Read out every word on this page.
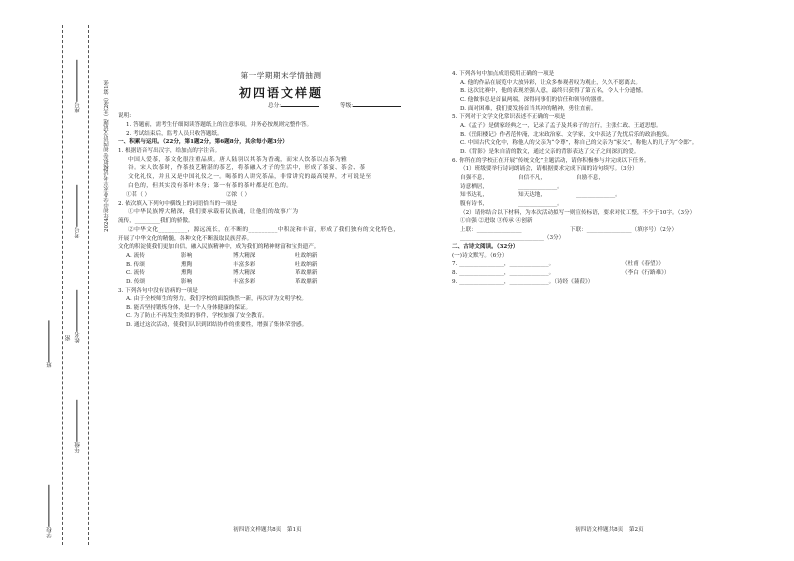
2024年初中学业水平考试模拟卷 初四语文试题（共2张）第1张
座号
考号
姓名
班
年级
学校
密
第一学期期末学情抽测
初四语文样题
总分:	等级:

说明:

1. 答题前，需考生仔细阅读答题纸上的注意事项，并务必按规则完整作答。

2. 考试结束后，监考人员只收答题纸。

一、积累与运用。（22分，第1题2分，第6题8分，其余每小题3分）

1. 根据语音写出汉字，给加点的字注音。

中国人爱茶，茶文化很注重品质。唐人陆羽以其茶为香魂，而宋人饮茶以点茶为雅

谷。宋人饮茶时，作茶技艺精湛的茶艺，将茶融入才子的生活中，形成了茶宴、茶会、茶

文化礼仪，并且又是中国礼仪之一。喝茶的人讲究茶品，非常讲究的最高境界，才可说是至

白色的，但其实没有茶叶本身；第一有茶的茶叶都是红色的。

①茗（ ）	②浓（ ）

2. 依次填入下列句中横线上的词语恰当的一项是

①中华民族博大精深，我们要承载着民族魂，让他们的故事广为

流传，_________我们的骄傲。

②中华文化_________，源远流长，在不断的_________中积淀和丰富，形成了我们独有的文化特色，

开展了中华文化的精髓，各种文化不断汲取民族营养。

文化的积淀使我们更加自信，融入民族精神中，成为我们的精神财富和宝贵遗产。

A. 流传	影响	博大精深	吐故纳新
B. 传颂	熏陶	丰富多彩	吐故纳新
C. 流传	熏陶	博大精深	革故鼎新
D. 传颂	影响	丰富多彩	革故鼎新

3. 下列各句中没有语病的一项是

A. 由于全校师生的努力，我们学校的面貌焕然一新，再次评为文明学校。

B. 能否坚持锻炼身体，是一个人身体健康的保证。

C. 为了防止不再发生类似的事件，学校加强了安全教育。

D. 通过这次活动，使我们认识到团结协作的重要性，增强了集体荣誉感。

4. 下列各句中加点成语使用正确的一项是

A. 他的作品在展览中大放异彩，让众多参观者叹为观止，久久不愿离去。

B. 这次比赛中，他的表现差强人意，最终只获得了第五名，令人十分遗憾。

C. 他做事总是首鼠两端，深得同事们的信任和领导的器重。

D. 面对困难，我们要发扬首当其冲的精神，勇往直前。

5. 下列对于文学文化常识表述不正确的一项是

A.《孟子》是儒家经典之一，记录了孟子及其弟子的言行，主张仁政、王道思想。

B.《岳阳楼记》作者范仲淹，北宋政治家、文学家，文中表达了先忧后乐的政治抱负。

C. 中国古代文化中，称他人的父亲为“令尊”，称自己的父亲为“家父”，称他人的儿子为“令郎”。

D.《背影》是朱自清的散文，通过父亲的背影表达了父子之间深沉的爱。

6. 你所在的学校正在开展“传统文化”主题活动，请你积极参与并完成以下任务。

（1）班级要举行诗词朗诵会，请根据要求完成下面的诗句续写。（3分）

自强不息，	自信不凡，	自励不息，
诗意栖居，	______________。
知书达礼，	知天达地，	______________。
腹有诗书，	______________。

（2）请你结合以下材料，为本次活动拟写一则宣传标语，要求对仗工整，不少于10字。（3分）

①自强 ②进取 ③传承 ④创新

上联：________________	下联：________________（填序号）（2分）

______________________________（3分）

二、古诗文阅读。（32分）

(一)诗文默写。（6分）

7. ________________，______________。	（杜甫《春望》）
8. ________________，______________。	（李白《行路难》）

9. ________________，______________。（诗经《蒹葭》）

初四语文样题共8页　第1页	初四语文样题共8页　第2页
